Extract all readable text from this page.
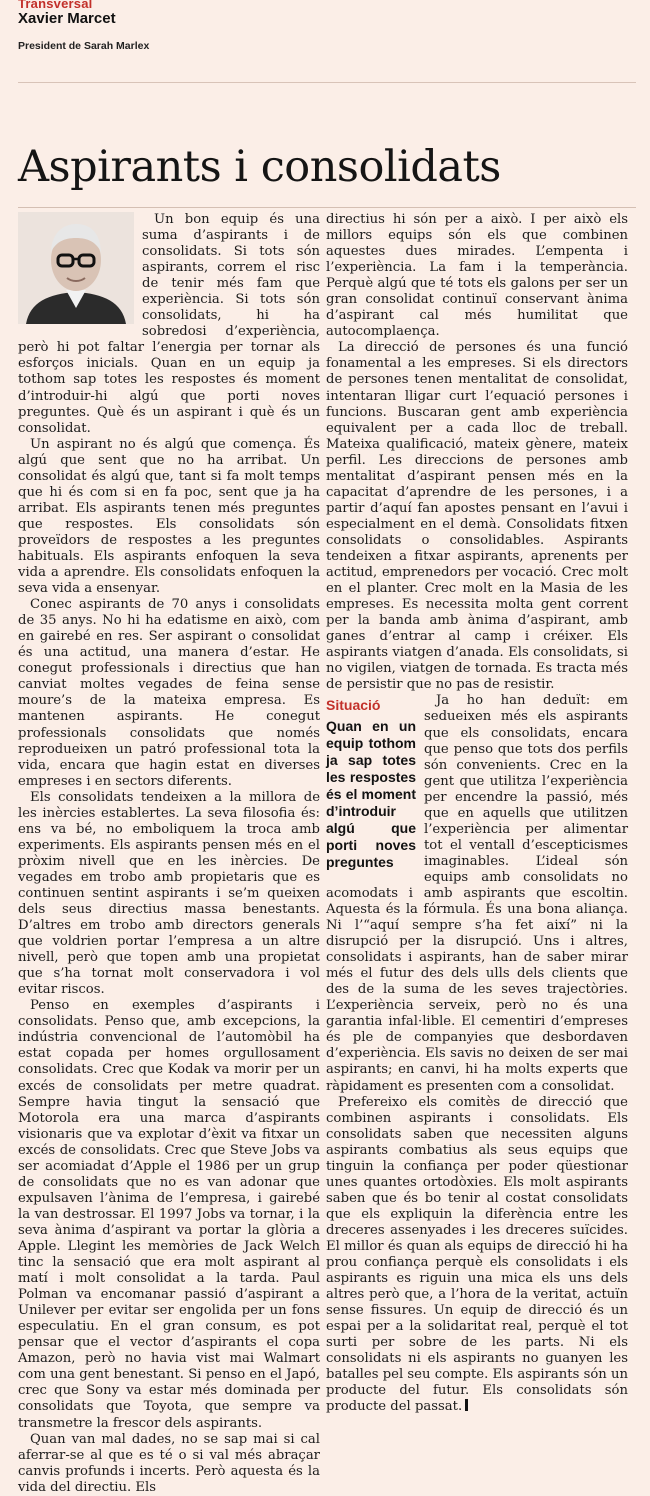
Transversal
Xavier Marcet
President de Sarah Marlex
Aspirants i consolidats

Un bon equip és una suma d’aspirants i de consolidats. Si tots són aspirants, correm el risc de tenir més fam que experiència. Si tots són consolidats, hi ha sobredosi d’experiència, però hi pot faltar l’energia per tornar als esforços inicials. Quan en un equip ja tothom sap totes les respostes és moment d’introduir-hi algú que porti noves preguntes. Què és un aspirant i què és un consolidat.

Un aspirant no és algú que comença. És algú que sent que no ha arribat. Un consolidat és algú que, tant si fa molt temps que hi és com si en fa poc, sent que ja ha arribat. Els aspirants tenen més preguntes que respostes. Els consolidats són proveïdors de respostes a les preguntes habituals. Els aspirants enfoquen la seva vida a aprendre. Els consolidats enfoquen la seva vida a ensenyar.

Conec aspirants de 70 anys i consolidats de 35 anys. No hi ha edatisme en això, com en gairebé en res. Ser aspirant o consolidat és una actitud, una manera d’estar. He conegut professionals i directius que han canviat moltes vegades de feina sense moure’s de la mateixa empresa. Es mantenen aspirants. He conegut professionals consolidats que només reprodueixen un patró professional tota la vida, encara que hagin estat en diverses empreses i en sectors diferents.

Els consolidats tendeixen a la millora de les inèrcies establertes. La seva filosofia és: ens va bé, no emboliquem la troca amb experiments. Els aspirants pensen més en el pròxim nivell que en les inèrcies. De vegades em trobo amb propietaris que es continuen sentint aspirants i se’m queixen dels seus directius massa benestants. D’altres em trobo amb directors generals que voldrien portar l’empresa a un altre nivell, però que topen amb una propietat que s’ha tornat molt conservadora i vol evitar riscos.

Penso en exemples d’aspirants i consolidats. Penso que, amb excepcions, la indústria convencional de l’automòbil ha estat copada per homes orgullosament consolidats. Crec que Kodak va morir per un excés de consolidats per metre quadrat. Sempre havia tingut la sensació que Motorola era una marca d’aspirants visionaris que va explotar d’èxit va fitxar un excés de consolidats. Crec que Steve Jobs va ser acomiadat d’Apple el 1986 per un grup de consolidats que no es van adonar que expulsaven l’ànima de l’empresa, i gairebé la van destrossar. El 1997 Jobs va tornar, i la seva ànima d’aspirant va portar la glòria a Apple. Llegint les memòries de Jack Welch tinc la sensació que era molt aspirant al matí i molt consolidat a la tarda. Paul Polman va encomanar passió d’aspirant a Unilever per evitar ser engolida per un fons especulatiu. En el gran consum, es pot pensar que el vector d’aspirants el copa Amazon, però no havia vist mai Walmart com una gent benestant. Si penso en el Japó, crec que Sony va estar més dominada per consolidats que Toyota, que sempre va transmetre la frescor dels aspirants.

Quan van mal dades, no se sap mai si cal aferrar-se al que es té o si val més abraçar canvis profunds i incerts. Però aquesta és la vida del directiu. Els

directius hi són per a això. I per això els millors equips són els que combinen aquestes dues mirades. L’empenta i l’experiència. La fam i la temperància. Perquè algú que té tots els galons per ser un gran consolidat continuï conservant ànima d’aspirant cal més humilitat que autocomplaença.

La direcció de persones és una funció fonamental a les empreses. Si els directors de persones tenen mentalitat de consolidat, intentaran lligar curt l’equació persones i funcions. Buscaran gent amb experiència equivalent per a cada lloc de treball. Mateixa qualificació, mateix gènere, mateix perfil. Les direccions de persones amb mentalitat d’aspirant pensen més en la capacitat d’aprendre de les persones, i a partir d’aquí fan apostes pensant en l’avui i especialment en el demà. Consolidats fitxen consolidats o consolidables. Aspirants tendeixen a fitxar aspirants, aprenents per actitud, emprenedors per vocació. Crec molt en el planter. Crec molt en la Masia de les empreses. Es necessita molta gent corrent per la banda amb ànima d’aspirant, amb ganes d’entrar al camp i créixer. Els aspirants viatgen d’anada. Els consolidats, si no vigilen, viatgen de tornada. Es tracta més de persistir que no pas de resistir.

Situació
Quan en un equip tothom ja sap totes les respostes és el moment d’introduir algú que porti noves preguntes

Ja ho han deduït: em sedueixen més els aspirants que els consolidats, encara que penso que tots dos perfils són convenients. Crec en la gent que utilitza l’experiència per encendre la passió, més que en aquells que utilitzen l’experiència per alimentar tot el ventall d’escepticismes imaginables. L’ideal són equips amb consolidats no acomodats i amb aspirants que escoltin. Aquesta és la fórmula. És una bona aliança. Ni l’“aquí sempre s’ha fet així” ni la disrupció per la disrupció. Uns i altres, consolidats i aspirants, han de saber mirar més el futur des dels ulls dels clients que des de la suma de les seves trajectòries. L’experiència serveix, però no és una garantia infal·lible. El cementiri d’empreses és ple de companyies que desbordaven d’experiència. Els savis no deixen de ser mai aspirants; en canvi, hi ha molts experts que ràpidament es presenten com a consolidat.

Prefereixo els comitès de direcció que combinen aspirants i consolidats. Els consolidats saben que necessiten alguns aspirants combatius als seus equips que tinguin la confiança per poder qüestionar unes quantes ortodòxies. Els molt aspirants saben que és bo tenir al costat consolidats que els expliquin la diferència entre les dreceres assenyades i les dreceres suïcides. El millor és quan als equips de direcció hi ha prou confiança perquè els consolidats i els aspirants es riguin una mica els uns dels altres però que, a l’hora de la veritat, actuïn sense fissures. Un equip de direcció és un espai per a la solidaritat real, perquè el tot surti per sobre de les parts. Ni els consolidats ni els aspirants no guanyen les batalles pel seu compte. Els aspirants són un producte del futur. Els consolidats són producte del passat.
